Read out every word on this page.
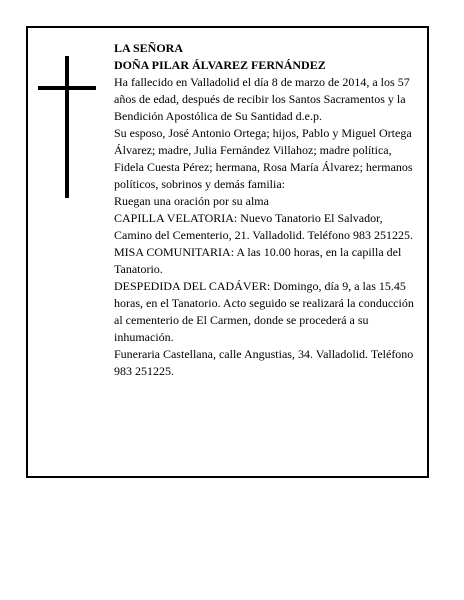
LA SEÑORA

DOÑA PILAR ÁLVAREZ FERNÁNDEZ

Ha fallecido en Valladolid el día 8 de marzo de 2014, a los 57 años de edad, después de recibir los Santos Sacramentos y la Bendición Apostólica de Su Santidad d.e.p.

Su esposo, José Antonio Ortega; hijos, Pablo y Miguel Ortega Álvarez; madre, Julia Fernández Villahoz; madre política, Fidela Cuesta Pérez; hermana, Rosa María Álvarez; hermanos políticos, sobrinos y demás familia:

Ruegan una oración por su alma

CAPILLA VELATORIA: Nuevo Tanatorio El Salvador, Camino del Cementerio, 21. Valladolid. Teléfono 983 251225.

MISA COMUNITARIA: A las 10.00 horas, en la capilla del Tanatorio.

DESPEDIDA DEL CADÁVER: Domingo, día 9, a las 15.45 horas, en el Tanatorio. Acto seguido se realizará la conducción al cementerio de El Carmen, donde se procederá a su inhumación.

Funeraria Castellana, calle Angustias, 34. Valladolid. Teléfono 983 251225.
